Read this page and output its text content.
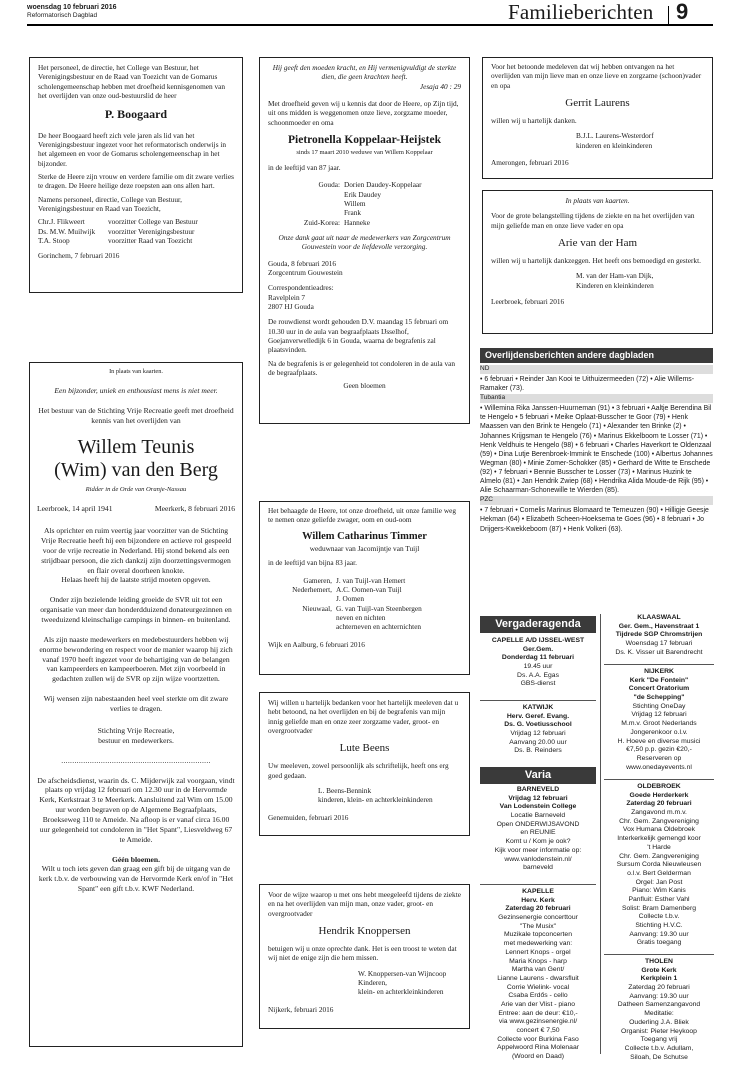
woensdag 10 februari 2016
Reformatorisch Dagblad	Familieberichten 9

Het personeel, de directie, het College van Bestuur, het Verenigingsbestuur en de Raad van Toezicht van de Gomarus scholengemeenschap hebben met droefheid kennisgenomen van het overlijden van onze oud-bestuurslid de heer

P. Boogaard

De heer Boogaard heeft zich vele jaren als lid van het Verenigingsbestuur ingezet voor het reformatorisch onderwijs in het algemeen en voor de Gomarus scholengemeenschap in het bijzonder.

Sterke de Heere zijn vrouw en verdere familie om dit zware verlies te dragen. De Heere heilige deze roepsten aan ons allen hart.

Namens personeel, directie, College van Bestuur, Verenigingsbestuur en Raad van Toezicht,

Chr.J. Flikweert	voorzitter College van Bestuur
Ds. M.W. Muilwijk	voorzitter Verenigingsbestuur
T.A. Stoop	voorzitter Raad van Toezicht

Gorinchem, 7 februari 2016

Hij geeft den moeden kracht, en Hij vermenigvuldigt de sterkte dien, die geen krachten heeft.

Jesaja 40 : 29

Met droefheid geven wij u kennis dat door de Heere, op Zijn tijd, uit ons midden is weggenomen onze lieve, zorgzame moeder, schoonmoeder en oma

Pietronella Koppelaar-Heijstek

sinds 17 maart 2010 weduwe van Willem Koppelaar

in de leeftijd van 87 jaar.

Gouda: Dorien Daudey-Koppelaar
Erik Daudey
Willem
Frank
Zuid-Korea: Hanneke

Onze dank gaat uit naar de medewerkers van Zorgcentrum Gouwestein voor de liefdevolle verzorging.

Gouda, 8 februari 2016

Zorgcentrum Gouwestein

Correspondentieadres:

Ravelplein 7

2807 HJ Gouda

De rouwdienst wordt gehouden D.V. maandag 15 februari om 10.30 uur in de aula van begraafplaats IJsselhof, Goejanverwelledijk 6 in Gouda, waarna de begrafenis zal plaatsvinden.

Na de begrafenis is er gelegenheid tot condoleren in de aula van de begraafplaats.

Geen bloemen

Voor het betoonde medeleven dat wij hebben ontvangen na het overlijden van mijn lieve man en onze lieve en zorgzame (schoon)vader en opa

Gerrit Laurens

willen wij u hartelijk danken.

B.J.L. Laurens-Westerdorf

kinderen en kleinkinderen

Amerongen, februari 2016

In plaats van kaarten.

Voor de grote belangstelling tijdens de ziekte en na het overlijden van mijn geliefde man en onze lieve vader en opa

Arie van der Ham

willen wij u hartelijk dankzeggen. Het heeft ons bemoedigd en gesterkt.

M. van der Ham-van Dijk,

Kinderen en kleinkinderen

Leerbroek, februari 2016

In plaats van kaarten.

Een bijzonder, uniek en enthousiast mens is niet meer.

Het bestuur van de Stichting Vrije Recreatie geeft met droefheid kennis van het overlijden van

Willem Teunis
(Wim) van den Berg

Ridder in de Orde van Oranje-Nassau

Leerbroek, 14 april 1941	Meerkerk, 8 februari 2016

Als oprichter en ruim veertig jaar voorzitter van de Stichting Vrije Recreatie heeft hij een bijzondere en actieve rol gespeeld voor de vrije recreatie in Nederland. Hij stond bekend als een strijdbaar persoon, die zich dankzij zijn doorzettingsvermogen en flair overal doorheen knokte.

Helaas heeft hij de laatste strijd moeten opgeven.

Onder zijn bezielende leiding groeide de SVR uit tot een organisatie van meer dan honderdduizend donateurgezinnen en tweeduizend kleinschalige campings in binnen- en buitenland.

Als zijn naaste medewerkers en medebestuurders hebben wij enorme bewondering en respect voor de manier waarop hij zich vanaf 1970 heeft ingezet voor de behartiging van de belangen van kampeerders en kampeerboeren. Met zijn voorbeeld in gedachten zullen wij de SVR op zijn wijze voortzetten.

Wij wensen zijn nabestaanden heel veel sterkte om dit zware verlies te dragen.

Stichting Vrije Recreatie,

bestuur en medewerkers.

....................................................................

De afscheidsdienst, waarin ds. C. Mijderwijk zal voorgaan, vindt plaats op vrijdag 12 februari om 12.30 uur in de Hervormde Kerk, Kerkstraat 3 te Meerkerk. Aansluitend zal Wim om 15.00 uur worden begraven op de Algemene Begraafplaats, Broekseweg 110 te Ameide. Na afloop is er vanaf circa 16.00 uur gelegenheid tot condoleren in "Het Spant", Liesveldweg 67 te Ameide.

Géén bloemen.

Wilt u toch iets geven dan graag een gift bij de uitgang van de kerk t.b.v. de verbouwing van de Hervormde Kerk en/of in "Het Spant" een gift t.b.v. KWF Nederland.

Het behaagde de Heere, tot onze droefheid, uit onze familie weg te nemen onze geliefde zwager, oom en oud-oom

Willem Catharinus Timmer

weduwnaar van Jacomijntje van Tuijl

in de leeftijd van bijna 83 jaar.

Gameren, J. van Tuijl-van Hemert
Nederhemert, A.C. Oomen-van Tuijl
J. Oomen
Nieuwaal, G. van Tuijl-van Steenbergen
neven en nichten
achterneven en achternichten

Wijk en Aalburg, 6 februari 2016

Wij willen u hartelijk bedanken voor het hartelijk meeleven dat u hebt betoond, na het overlijden en bij de begrafenis van mijn innig geliefde man en onze zeer zorgzame vader, groot- en overgrootvader

Lute Beens

Uw meeleven, zowel persoonlijk als schriftelijk, heeft ons erg goed gedaan.

L. Beens-Bennink

kinderen, klein- en achterkleinkinderen

Genemuiden, februari 2016

Voor de wijze waarop u met ons hebt meegeleefd tijdens de ziekte en na het overlijden van mijn man, onze vader, groot- en overgrootvader

Hendrik Knoppersen

betuigen wij u onze oprechte dank. Het is een troost te weten dat wij niet de enige zijn die hem missen.

W. Knoppersen-van Wijncoop

Kinderen,

klein- en achterkleinkinderen

Nijkerk, februari 2016

Overlijdensberichten andere dagbladen
ND
• 6 februari • Reinder Jan Kooi te Uithuizermeeden (72) • Alie Willems-Ramaker (73).
Tubantia
• Willemina Rika Janssen-Huurneman (91) • 3 februari • Aaltje Berendina Bil te Hengelo • 5 februari • Meike Oplaat-Busscher te Goor (79) • Henk Maassen van den Brink te Hengelo (71) • Alexander ten Brinke (2) • Johannes Krijgsman te Hengelo (76) • Marinus Ekkelboom te Losser (71) • Henk Veldhuis te Hengelo (98) • 6 februari • Charles Haverkort te Oldenzaal (59) • Dina Lutje Berenbroek-Immink te Enschede (100) • Albertus Johannes Wegman (80) • Minie Zomer-Schokker (85) • Gerhard de Witte te Enschede (92) • 7 februari • Bennie Busscher te Losser (73) • Marinus Huzink te Almelo (81) • Jan Hendrik Zwiep (68) • Hendrika Alida Moude-de Rijk (95) • Alie Schaarman-Schonewille te Wierden (85).
PZC
• 7 februari • Cornelis Marinus Blomaard te Terneuzen (90) • Hilligje Geesje Hekman (64) • Elizabeth Scheen-Hoeksema te Goes (96) • 8 februari • Jo Drijgers-Kwekkeboom (87) • Henk Volkeri (63).
Vergaderagenda
CAPELLE A/D IJSSEL-WEST
Ger.Gem.
Donderdag 11 februari
19.45 uur
Ds. A.A. Egas
GBS-dienst
KATWIJK
Herv. Geref. Evang.
Ds. G. Voetiusschool
Vrijdag 12 februari
Aanvang 20.00 uur
Ds. B. Reinders
KLAASWAAL
Ger. Gem., Havenstraat 1
Tijdrede SGP Chromstrijen
Woensdag 17 februari
Ds. K. Visser uit Barendrecht
Varia
BARNEVELD
Vrijdag 12 februari
Van Lodenstein College
Locatie Barneveld
Open ONDERWIJSAVOND
en REUNIE
Komt u / Kom je ook?
Kijk voor meer informatie op:
www.vanlodenstein.nl/
barneveld
KAPELLE
Herv. Kerk
Zaterdag 20 februari
Gezinsenergie concerttour
"The Musix"
Muzikale topconcerten
met medewerking van:
Lennert Knops - orgel
Maria Knops - harp
Martha van Gent/
Lianne Laurens - dwarsfluit
Corrie Wielink- vocal
Csaba Erdős - cello
Arie van der Vlist - piano
Entree: aan de deur: €10,-
via www.gezinsenergie.nl/
concert € 7,50
Collecte voor Burkina Faso
Appelwoord Rina Molenaar
(Woord en Daad)
NIJKERK
Kerk "De Fontein"
Concert Oratorium
"de Schepping"
Stichting OneDay
Vrijdag 12 februari
M.m.v. Groot Nederlands
Jongerenkoor o.l.v.
H. Hoeve en diverse musici
€7,50 p.p. gezin €20,-
Reserveren op
www.onedayevents.nl
OLDEBROEK
Goede Herderkerk
Zaterdag 20 februari
Zangavond m.m.v.
Chr. Gem. Zangvereniging
Vox Humana Oldebroek
Interkerkelijk gemengd koor
't Harde
Chr. Gem. Zangvereniging
Sursum Corda Nieuwleusen
o.l.v. Bert Gelderman
Orgel: Jan Post
Piano: Wim Kanis
Panfluit: Esther Vahl
Solist: Bram Damenberg
Collecte t.b.v.
Stichting H.V.C.
Aanvang: 19.30 uur
Gratis toegang
THOLEN
Grote Kerk
Kerkplein 1
Zaterdag 20 februari
Aanvang: 19.30 uur
Datheen Samenzangavond
Meditatie:
Ouderling J.A. Bliek
Organist: Pieter Heykoop
Toegang vrij
Collecte t.b.v. Adullam,
Siloah, De Schutse
